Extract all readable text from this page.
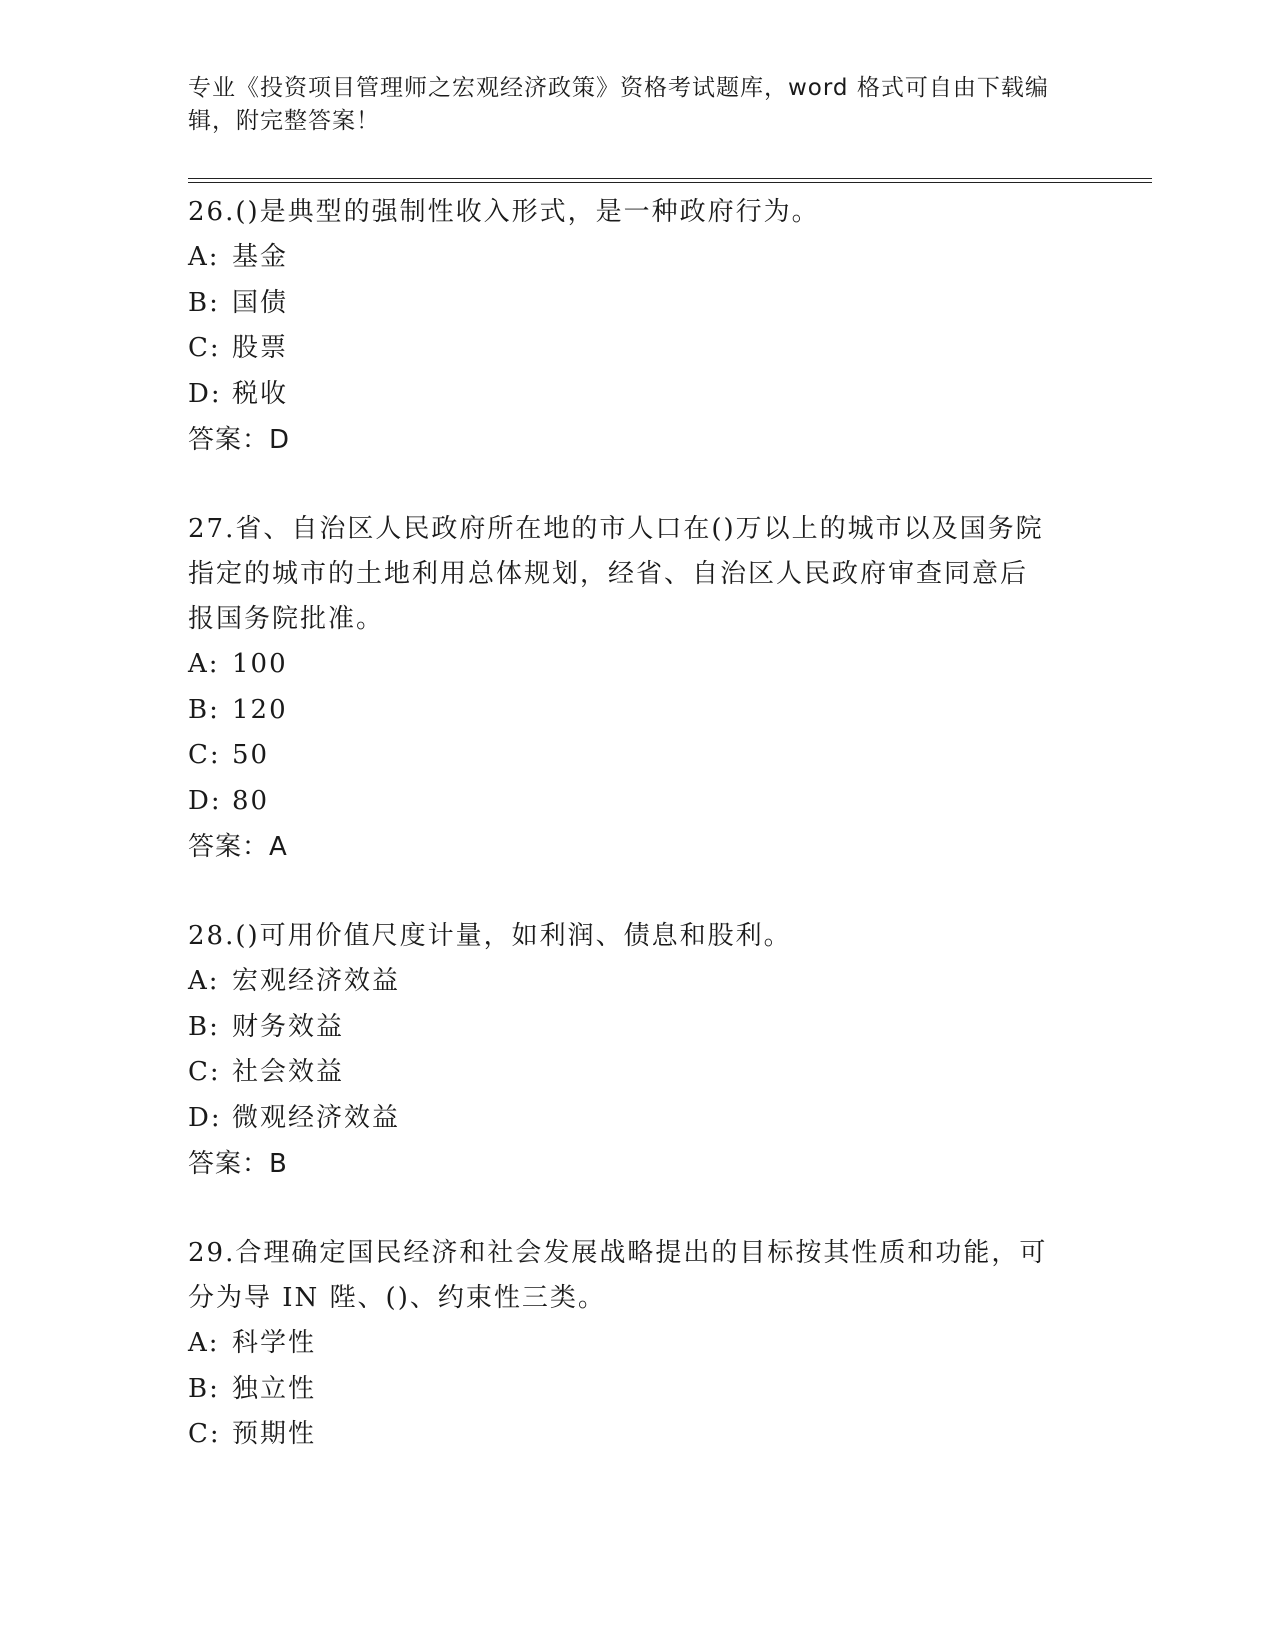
专业《投资项目管理师之宏观经济政策》资格考试题库，word 格式可自由下载编
辑，附完整答案！
26.()是典型的强制性收入形式，是一种政府行为。
A: 基金
B: 国债
C: 股票
D: 税收
答案：D
27.省、自治区人民政府所在地的市人口在()万以上的城市以及国务院
指定的城市的土地利用总体规划，经省、自治区人民政府审查同意后
报国务院批准。
A: 100
B: 120
C: 50
D: 80
答案：A
28.()可用价值尺度计量，如利润、债息和股利。
A: 宏观经济效益
B: 财务效益
C: 社会效益
D: 微观经济效益
答案：B
29.合理确定国民经济和社会发展战略提出的目标按其性质和功能，可
分为导 IN 陛、()、约束性三类。
A: 科学性
B: 独立性
C: 预期性
